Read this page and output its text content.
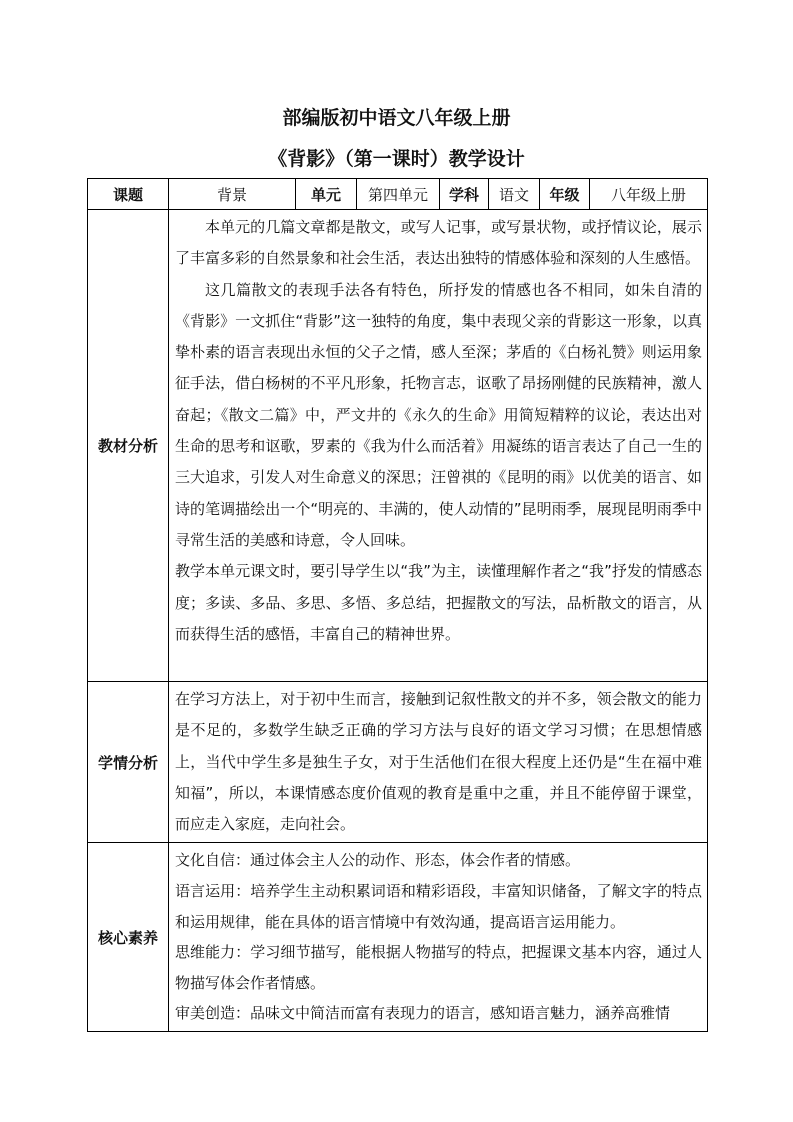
部编版初中语文八年级上册
《背影》（第一课时）教学设计
课题	背景	单元	第四单元	学科	语文	年级	八年级上册
教材分析	本单元的几篇文章都是散文，或写人记事，或写景状物，或抒情议论，展示了丰富多彩的自然景象和社会生活，表达出独特的情感体验和深刻的人生感悟。

这几篇散文的表现手法各有特色，所抒发的情感也各不相同，如朱自清的《背影》一文抓住“背影”这一独特的角度，集中表现父亲的背影这一形象，以真挚朴素的语言表现出永恒的父子之情，感人至深；茅盾的《白杨礼赞》则运用象征手法，借白杨树的不平凡形象，托物言志，讴歌了昂扬刚健的民族精神，激人奋起；《散文二篇》中，严文井的《永久的生命》用简短精粹的议论，表达出对生命的思考和讴歌，罗素的《我为什么而活着》用凝练的语言表达了自己一生的三大追求，引发人对生命意义的深思；汪曾祺的《昆明的雨》以优美的语言、如诗的笔调描绘出一个“明亮的、丰满的，使人动情的”昆明雨季，展现昆明雨季中寻常生活的美感和诗意，令人回味。

教学本单元课文时，要引导学生以“我”为主，读懂理解作者之“我”抒发的情感态度；多读、多品、多思、多悟、多总结，把握散文的写法，品析散文的语言，从而获得生活的感悟，丰富自己的精神世界。						

学情分析	在学习方法上，对于初中生而言，接触到记叙性散文的并不多，领会散文的能力是不足的，多数学生缺乏正确的学习方法与良好的语文学习习惯；在思想情感上，当代中学生多是独生子女，对于生活他们在很大程度上还仍是“生在福中难知福”，所以，本课情感态度价值观的教育是重中之重，并且不能停留于课堂，而应走入家庭，走向社会。						

核心素养	文化自信：通过体会主人公的动作、形态，体会作者的情感。

语言运用：培养学生主动积累词语和精彩语段，丰富知识储备，了解文字的特点和运用规律，能在具体的语言情境中有效沟通，提高语言运用能力。

思维能力：学习细节描写，能根据人物描写的特点，把握课文基本内容，通过人物描写体会作者情感。

审美创造：品味文中简洁而富有表现力的语言，感知语言魅力，涵养高雅情						
